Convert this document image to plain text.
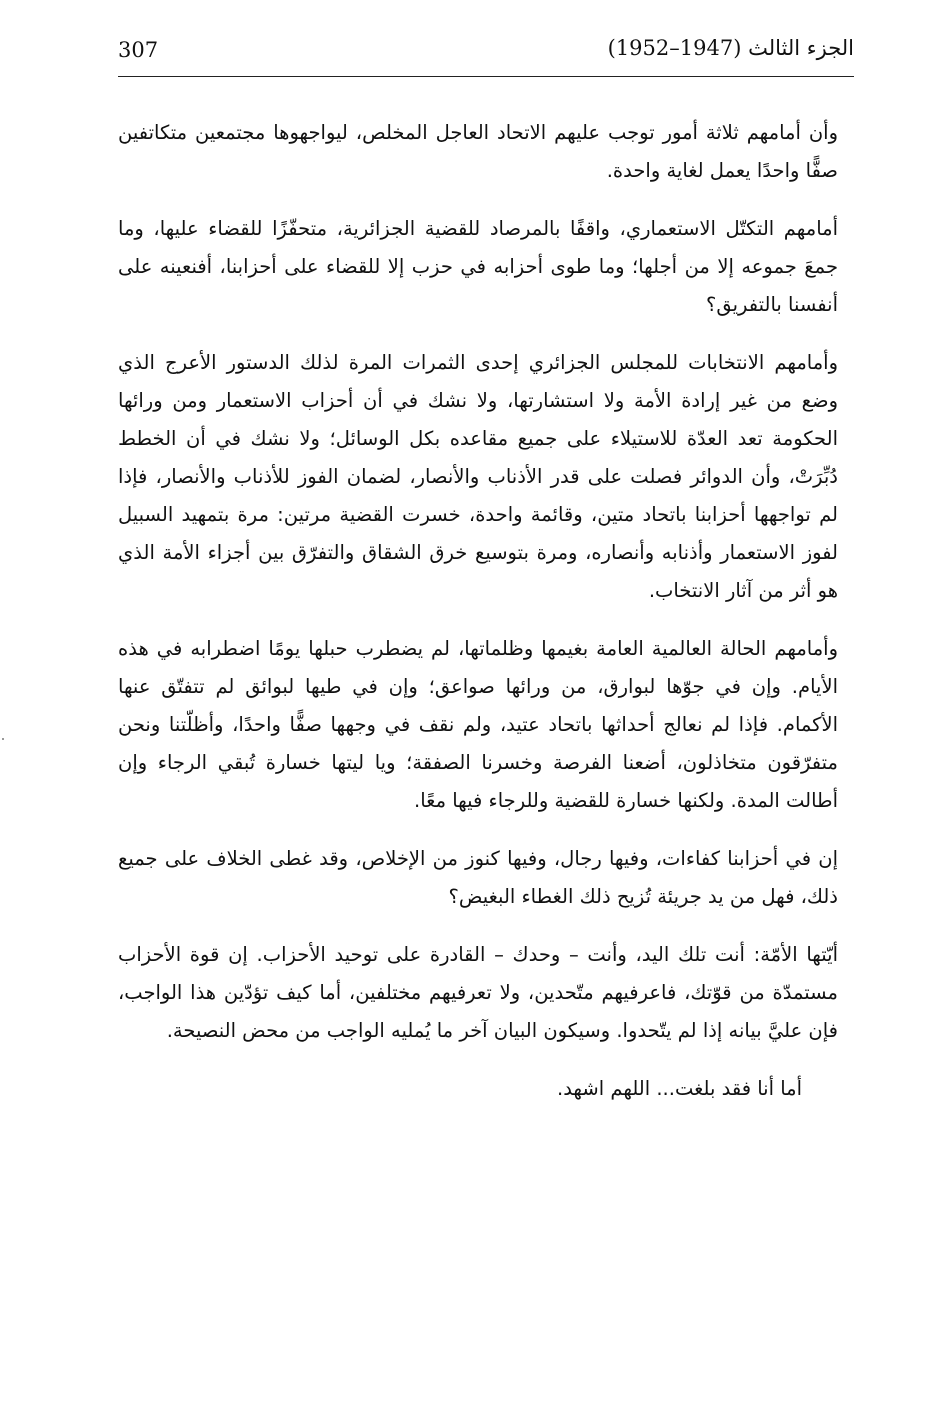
307	الجزء الثالث (1947–1952)

وأن أمامهم ثلاثة أمور توجب عليهم الاتحاد العاجل المخلص، ليواجهوها مجتمعين متكاتفين صفًّا واحدًا يعمل لغاية واحدة.

أمامهم التكتّل الاستعماري، واقفًا بالمرصاد للقضية الجزائرية، متحفّزًا للقضاء عليها، وما جمعَ جموعه إلا من أجلها؛ وما طوى أحزابه في حزب إلا للقضاء على أحزابنا، أفنعينه على أنفسنا بالتفريق؟

وأمامهم الانتخابات للمجلس الجزائري إحدى الثمرات المرة لذلك الدستور الأعرج الذي وضع من غير إرادة الأمة ولا استشارتها، ولا نشك في أن أحزاب الاستعمار ومن ورائها الحكومة تعد العدّة للاستيلاء على جميع مقاعده بكل الوسائل؛ ولا نشك في أن الخطط دُبِّرَتْ، وأن الدوائر فصلت على قدر الأذناب والأنصار، لضمان الفوز للأذناب والأنصار، فإذا لم تواجهها أحزابنا باتحاد متين، وقائمة واحدة، خسرت القضية مرتين: مرة بتمهيد السبيل لفوز الاستعمار وأذنابه وأنصاره، ومرة بتوسيع خرق الشقاق والتفرّق بين أجزاء الأمة الذي هو أثر من آثار الانتخاب.

وأمامهم الحالة العالمية العامة بغيمها وظلماتها، لم يضطرب حبلها يومًا اضطرابه في هذه الأيام. وإن في جوّها لبوارق، من ورائها صواعق؛ وإن في طيها لبوائق لم تتفتّق عنها الأكمام. فإذا لم نعالج أحداثها باتحاد عتيد، ولم نقف في وجهها صفًّا واحدًا، وأظلّتنا ونحن متفرّقون متخاذلون، أضعنا الفرصة وخسرنا الصفقة؛ ويا ليتها خسارة تُبقي الرجاء وإن أطالت المدة. ولكنها خسارة للقضية وللرجاء فيها معًا.

إن في أحزابنا كفاءات، وفيها رجال، وفيها كنوز من الإخلاص، وقد غطى الخلاف على جميع ذلك، فهل من يد جريئة تُزيح ذلك الغطاء البغيض؟

أيّتها الأمّة: أنت تلك اليد، وأنت – وحدك – القادرة على توحيد الأحزاب. إن قوة الأحزاب مستمدّة من قوّتك، فاعرفيهم متّحدين، ولا تعرفيهم مختلفين، أما كيف تؤدّين هذا الواجب، فإن عليَّ بيانه إذا لم يتّحدوا. وسيكون البيان آخر ما يُمليه الواجب من محض النصيحة.

أما أنا فقد بلغت... اللهم اشهد.
